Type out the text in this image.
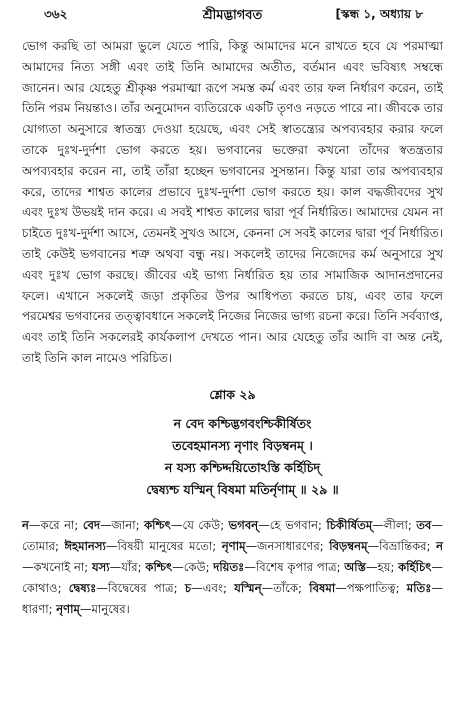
৩৬২	শ্রীমদ্ভাগবত	[স্কন্ধ ১, অধ্যায় ৮

ভোগ করছি তা আমরা ভুলে যেতে পারি, কিন্তু আমাদের মনে রাখতে হবে যে পরমাত্মা আমাদের নিত্য সঙ্গী এবং তাই তিনি আমাদের অতীত, বর্তমান এবং ভবিষ্যৎ সম্বন্ধে জানেন। আর যেহেতু শ্রীকৃষ্ণ পরমাত্মা রূপে সমস্ত কর্ম এবং তার ফল নির্ধারণ করেন, তাই তিনি পরম নিয়ন্তাও। তাঁর অনুমোদন ব্যতিরেকে একটি তৃণও নড়তে পারে না। জীবকে তার যোগ্যতা অনুসারে স্বাতন্ত্র্য দেওয়া হয়েছে, এবং সেই স্বাতন্ত্র্যের অপব্যবহার করার ফলে তাকে দুঃখ-দুর্দশা ভোগ করতে হয়। ভগবানের ভক্তেরা কখনো তাঁদের স্বতন্ত্রতার অপব্যবহার করেন না, তাই তাঁরা হচ্ছেন ভগবানের সুসন্তান। কিন্তু যারা তার অপব্যবহার করে, তাদের শাশ্বত কালের প্রভাবে দুঃখ-দুর্দশা ভোগ করতে হয়। কাল বদ্ধজীবদের সুখ এবং দুঃখ উভয়ই দান করে। এ সবই শাশ্বত কালের দ্বারা পূর্ব নির্ধারিত। আমাদের যেমন না চাইতে দুঃখ-দুর্দশা আসে, তেমনই সুখও আসে, কেননা সে সবই কালের দ্বারা পূর্ব নির্ধারিত। তাই কেউই ভগবানের শত্রু অথবা বন্ধু নয়। সকলেই তাদের নিজেদের কর্ম অনুসারে সুখ এবং দুঃখ ভোগ করছে। জীবের এই ভাগ্য নির্ধারিত হয় তার সামাজিক আদানপ্রদানের ফলে। এখানে সকলেই জড়া প্রকৃতির উপর আধিপত্য করতে চায়, এবং তার ফলে পরমেশ্বর ভগবানের তত্ত্বাবধানে সকলেই নিজের নিজের ভাগ্য রচনা করে। তিনি সর্বব্যাপ্ত, এবং তাই তিনি সকলেরই কার্যকলাপ দেখতে পান। আর যেহেতু তাঁর আদি বা অন্ত নেই, তাই তিনি কাল নামেও পরিচিত।

শ্লোক ২৯
ন বেদ কশ্চিদ্ভগবংশ্চিকীর্ষিতং
তবেহমানস্য নৃণাং বিড়ম্বনম্ ।
ন যস্য কশ্চিদ্দয়িতোঽস্তি কর্হিচিদ্
দ্বেষ্যশ্চ যস্মিন্ বিষমা মতির্নৃণাম্ ॥ ২৯ ॥
ন—করে না; বেদ—জানা; কশ্চিৎ—যে কেউ; ভগবন্—হে ভগবান; চিকীর্ষিতম্—লীলা; তব—তোমার; ঈহমানস্য—বিষয়ী মানুষের মতো; নৃণাম্—জনসাধারণের; বিড়ম্বনম্—বিভ্রান্তিকর; ন—কখনোই না; যস্য—যাঁর; কশ্চিৎ—কেউ; দয়িতঃ—বিশেষ কৃপার পাত্র; অস্তি—হয়; কর্হিচিৎ—কোথাও; দ্বেষ্যঃ—বিদ্বেষের পাত্র; চ—এবং; যস্মিন্—তাঁকে; বিষমা—পক্ষপাতিত্ব; মতিঃ—ধারণা; নৃণাম্—মানুষের।
